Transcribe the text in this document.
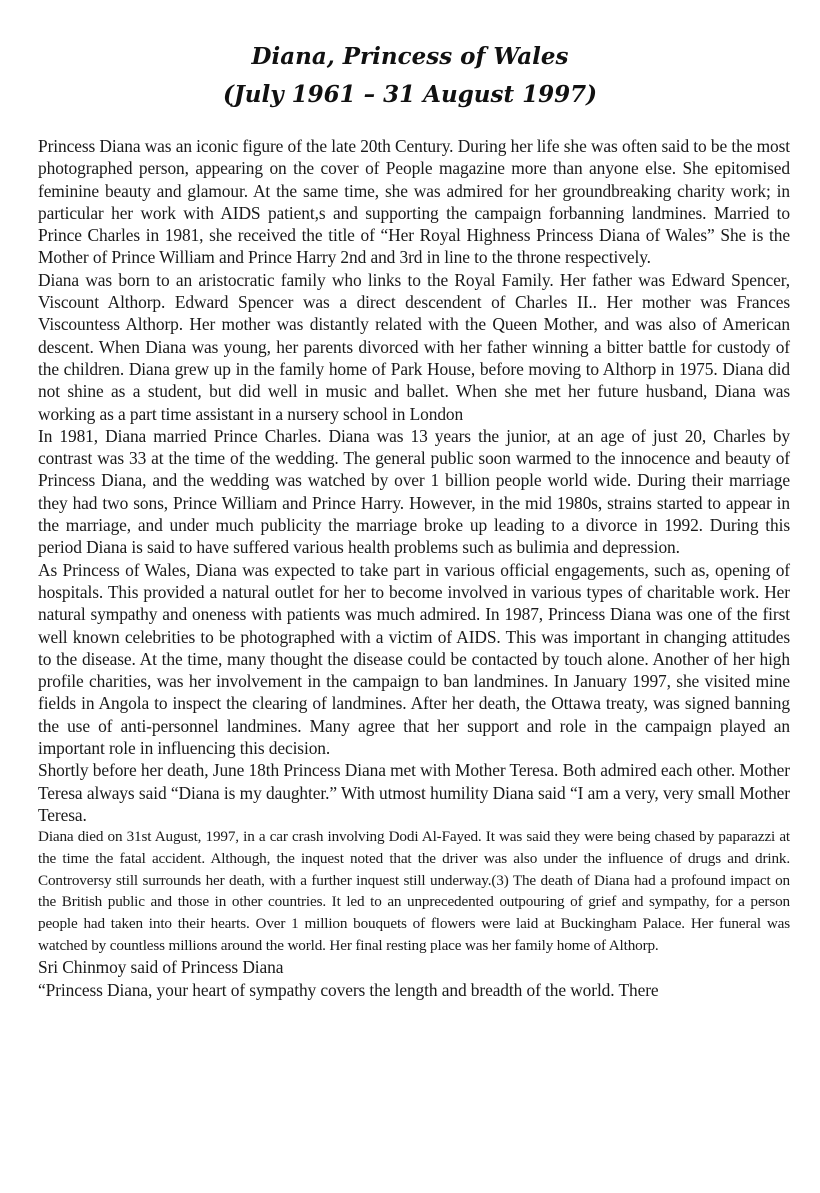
Diana, Princess of Wales
(July 1961 – 31 August 1997)

Princess Diana was an iconic figure of the late 20th Century. During her life she was often said to be the most photographed person, appearing on the cover of People magazine more than anyone else. She epitomised feminine beauty and glamour. At the same time, she was admired for her groundbreaking charity work; in particular her work with AIDS patient,s and supporting the campaign forbanning landmines. Married to Prince Charles in 1981, she received the title of “Her Royal Highness Princess Diana of Wales” She is the Mother of Prince William and Prince Harry 2nd and 3rd in line to the throne respectively.

Diana was born to an aristocratic family who links to the Royal Family. Her father was Edward Spencer, Viscount Althorp. Edward Spencer was a direct descendent of Charles II.. Her mother was Frances Viscountess Althorp. Her mother was distantly related with the Queen Mother, and was also of American descent. When Diana was young, her parents divorced with her father winning a bitter battle for custody of the children. Diana grew up in the family home of Park House, before moving to Althorp in 1975. Diana did not shine as a student, but did well in music and ballet. When she met her future husband, Diana was working as a part time assistant in a nursery school in London

In 1981, Diana married Prince Charles. Diana was 13 years the junior, at an age of just 20, Charles by contrast was 33 at the time of the wedding. The general public soon warmed to the innocence and beauty of Princess Diana, and the wedding was watched by over 1 billion people world wide. During their marriage they had two sons, Prince William and Prince Harry. However, in the mid 1980s, strains started to appear in the marriage, and under much publicity the marriage broke up leading to a divorce in 1992. During this period Diana is said to have suffered various health problems such as bulimia and depression.

As Princess of Wales, Diana was expected to take part in various official engagements, such as, opening of hospitals. This provided a natural outlet for her to become involved in various types of charitable work. Her natural sympathy and oneness with patients was much admired. In 1987, Princess Diana was one of the first well known celebrities to be photographed with a victim of AIDS. This was important in changing attitudes to the disease. At the time, many thought the disease could be contacted by touch alone. Another of her high profile charities, was her involvement in the campaign to ban landmines. In January 1997, she visited mine fields in Angola to inspect the clearing of landmines. After her death, the Ottawa treaty, was signed banning the use of anti-personnel landmines. Many agree that her support and role in the campaign played an important role in influencing this decision.

Shortly before her death, June 18th Princess Diana met with Mother Teresa. Both admired each other. Mother Teresa always said “Diana is my daughter.” With utmost humility Diana said “I am a very, very small Mother Teresa.

Diana died on 31st August, 1997, in a car crash involving Dodi Al-Fayed. It was said they were being chased by paparazzi at the time the fatal accident. Although, the inquest noted that the driver was also under the influence of drugs and drink. Controversy still surrounds her death, with a further inquest still underway.(3) The death of Diana had a profound impact on the British public and those in other countries. It led to an unprecedented outpouring of grief and sympathy, for a person people had taken into their hearts. Over 1 million bouquets of flowers were laid at Buckingham Palace. Her funeral was watched by countless millions around the world. Her final resting place was her family home of Althorp.

Sri Chinmoy said of Princess Diana

“Princess Diana, your heart of sympathy covers the length and breadth of the world. There
